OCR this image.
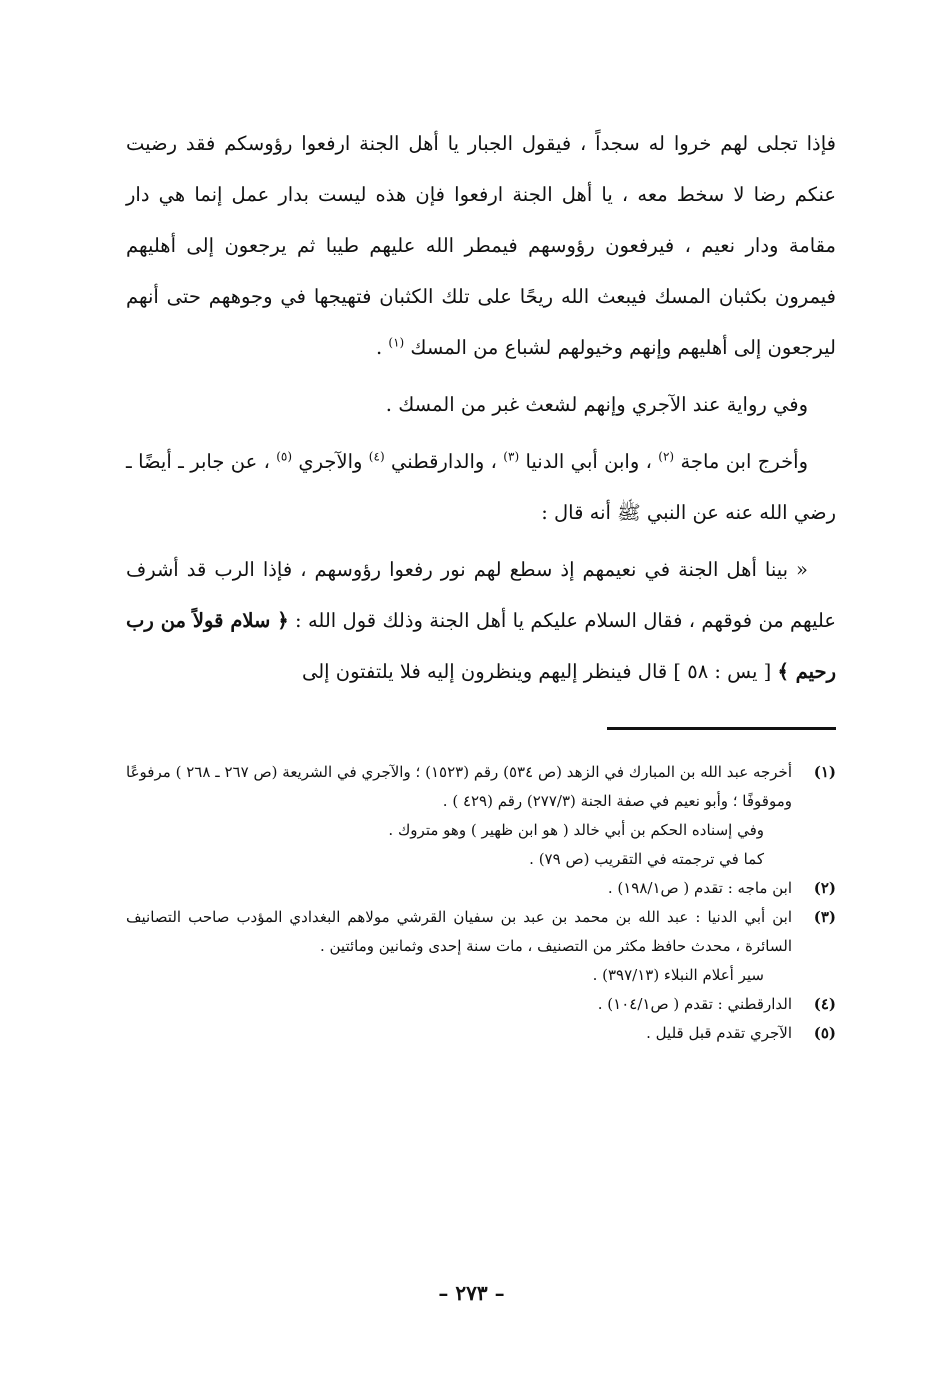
فإذا تجلى لهم خروا له سجداً ، فيقول الجبار يا أهل الجنة ارفعوا رؤوسكم فقد رضيت عنكم رضا لا سخط معه ، يا أهل الجنة ارفعوا فإن هذه ليست بدار عمل إنما هي دار مقامة ودار نعيم ، فيرفعون رؤوسهم فيمطر الله عليهم طيبا ثم يرجعون إلى أهليهم فيمرون بكثبان المسك فيبعث الله ريحًا على تلك الكثبان فتهيجها في وجوههم حتى أنهم ليرجعون إلى أهليهم وإنهم وخيولهم لشباع من المسك $^{(١)}$ .

وفي رواية عند الآجري وإنهم لشعث غبر من المسك .

وأخرج ابن ماجة $^{(٢)}$ ، وابن أبي الدنيا $^{(٣)}$ ، والدارقطني $^{(٤)}$ والآجري $^{(٥)}$ ، عن جابر ـ أيضًا ـ رضي الله عنه عن النبي ﷺ أنه قال :

« بينا أهل الجنة في نعيمهم إذ سطع لهم نور رفعوا رؤوسهم ، فإذا الرب قد أشرف عليهم من فوقهم ، فقال السلام عليكم يا أهل الجنة وذلك قول الله : ﴿ سلام قولاً من رب رحيم ﴾ [ يس : ٥٨ ] قال فينظر إليهم وينظرون إليه فلا يلتفتون إلى

(١)
أخرجه عبد الله بن المبارك في الزهد (ص ٥٣٤) رقم (١٥٢٣) ؛ والآجري في الشريعة (ص ٢٦٧ ـ ٢٦٨ ) مرفوعًا وموقوفًا ؛ وأبو نعيم في صفة الجنة (٢٧٧/٣) رقم (٤٢٩ ) .
وفي إسناده الحكم بن أبي خالد ( هو ابن ظهير ) وهو متروك .
كما في ترجمته في التقريب (ص ٧٩) .
(٢)
ابن ماجه : تقدم ( ص١٩٨/١) .
(٣)
ابن أبي الدنيا : عبد الله بن محمد بن عبد بن سفيان القرشي مولاهم البغدادي المؤدب صاحب التصانيف السائرة ، محدث حافظ مكثر من التصنيف ، مات سنة إحدى وثمانين ومائتين .
سير أعلام النبلاء (٣٩٧/١٣) .
(٤)
الدارقطني : تقدم ( ص١٠٤/١) .
(٥)
الآجري تقدم قبل قليل .
– ٢٧٣ –
